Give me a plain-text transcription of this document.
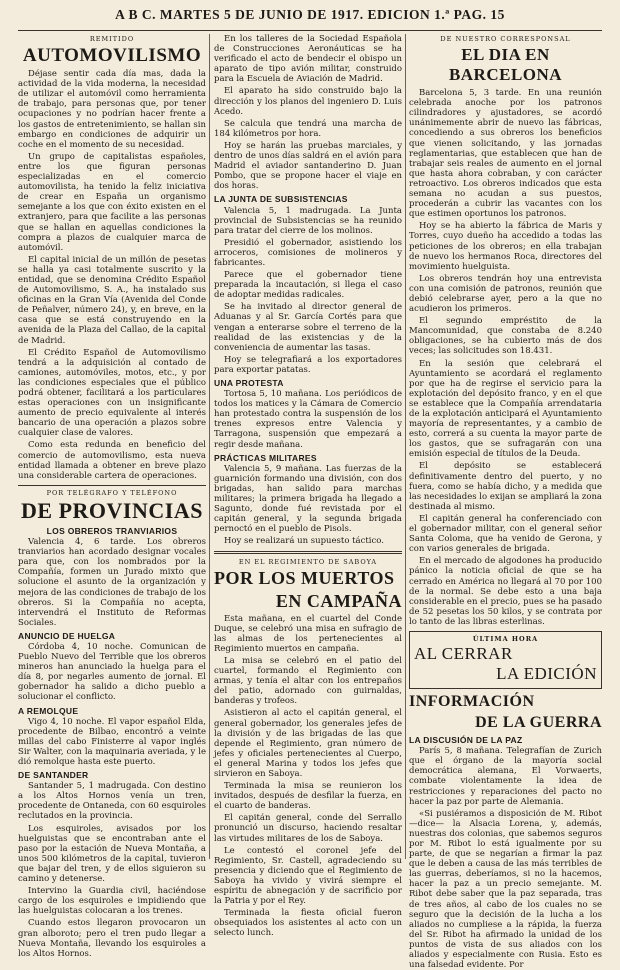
A B C. MARTES 5 DE JUNIO DE 1917. EDICION 1.ª PAG. 15
REMITIDO
AUTOMOVILISMO

Déjase sentir cada día mas, dada la actividad de la vida moderna, la necesidad de utilizar el automóvil como herramienta de trabajo, para personas que, por tener ocupaciones y no podrían hacer frente a los gastos de entretenimiento, se hallan sin embargo en condiciones de adquirir un coche en el momento de su necesidad.

Un grupo de capitalistas españoles, entre los que figuran personas especializadas en el comercio automovilista, ha tenido la feliz iniciativa de crear en España un organismo semejante a los que con éxito existen en el extranjero, para que facilite a las personas que se hallan en aquellas condiciones la compra a plazos de cualquier marca de automóvil.

El capital inicial de un millón de pesetas se halla ya casi totalmente suscrito y la entidad, que se denomina Crédito Español de Automovilismo, S. A., ha instalado sus oficinas en la Gran Vía (Avenida del Conde de Peñalver, número 24), y, en breve, en la casa que se está construyendo en la avenida de la Plaza del Callao, de la capital de Madrid.

El Crédito Español de Automovilismo tendrá a la adquisición al contado de camiones, automóviles, motos, etc., y por las condiciones especiales que el público podrá obtener, facilitará a los particulares estas operaciones con un insignificante aumento de precio equivalente al interés bancario de una operación a plazos sobre cualquier clase de valores.

Como esta redunda en beneficio del comercio de automovilismo, esta nueva entidad llamada a obtener en breve plazo una considerable cartera de operaciones.

POR TELÉGRAFO Y TELÉFONO
DE PROVINCIAS
LOS OBREROS TRANVIARIOS

Valencia 4, 6 tarde. Los obreros tranviarios han acordado designar vocales para que, con los nombrados por la Compañía, formen un Jurado mixto que solucione el asunto de la organización y mejora de las condiciones de trabajo de los obreros. Si la Compañía no acepta, intervendrá el Instituto de Reformas Sociales.

ANUNCIO DE HUELGA

Córdoba 4, 10 noche. Comunican de Pueblo Nuevo del Terrible que los obreros mineros han anunciado la huelga para el día 8, por negarles aumento de jornal. El gobernador ha salido a dicho pueblo a solucionar el conflicto.

A REMOLQUE

Vigo 4, 10 noche. El vapor español Elda, procedente de Bilbao, encontró a veinte millas del cabo Finisterre al vapor inglés Sir Walter, con la maquinaria averiada, y le dió remolque hasta este puerto.

DE SANTANDER

Santander 5, 1 madrugada. Con destino a los Altos Hornos venía un tren, procedente de Ontaneda, con 60 esquiroles reclutados en la provincia.

Los esquiroles, avisados por los huelguistas que se encontraban ante el paso por la estación de Nueva Montaña, a unos 500 kilómetros de la capital, tuvieron que bajar del tren, y de ellos siguieron su camino y detenerse.

Intervino la Guardia civil, haciéndose cargo de los esquiroles e impidiendo que las huelguistas colocaran a los trenes.

Cuando estos llegaron provocaron un gran alboroto; pero el tren pudo llegar a Nueva Montaña, llevando los esquiroles a los Altos Hornos.

En los talleres de la Sociedad Española de Construcciones Aeronáuticas se ha verificado el acto de bendecir el obispo un aparato de tipo avión militar, construido para la Escuela de Aviación de Madrid.

El aparato ha sido construido bajo la dirección y los planos del ingeniero D. Luis Acedo.

Se calcula que tendrá una marcha de 184 kilómetros por hora.

Hoy se harán las pruebas marciales, y dentro de unos días saldrá en el avión para Madrid el aviador santanderino D. Juan Pombo, que se propone hacer el viaje en dos horas.

LA JUNTA DE SUBSISTENCIAS

Valencia 5, 1 madrugada. La Junta provincial de Subsistencias se ha reunido para tratar del cierre de los molinos.

Presidió el gobernador, asistiendo los arroceros, comisiones de molineros y fabricantes.

Parece que el gobernador tiene preparada la incautación, si llega el caso de adoptar medidas radicales.

Se ha invitado al director general de Aduanas y al Sr. García Cortés para que vengan a enterarse sobre el terreno de la realidad de las existencias y de la conveniencia de aumentar las tasas.

Hoy se telegrafiará a los exportadores para exportar patatas.

UNA PROTESTA

Tortosa 5, 10 mañana. Los periódicos de todos los matices y la Cámara de Comercio han protestado contra la suspensión de los trenes expresos entre Valencia y Tarragona, suspensión que empezará a regir desde mañana.

PRÁCTICAS MILITARES

Valencia 5, 9 mañana. Las fuerzas de la guarnición formando una división, con dos brigadas, han salido para marchas militares; la primera brigada ha llegado a Sagunto, donde fué revistada por el capitán general, y la segunda brigada pernoctó en el pueblo de Pisols.

Hoy se realizará un supuesto táctico.

EN EL REGIMIENTO DE SABOYA
POR LOS MUERTOS
EN CAMPAÑA

Esta mañana, en el cuartel del Conde Duque, se celebró una misa en sufragio de las almas de los pertenecientes al Regimiento muertos en campaña.

La misa se celebró en el patio del cuartel, formando el Regimiento con armas, y tenía el altar con los entrepaños del patio, adornado con guirnaldas, banderas y trofeos.

Asistieron al acto el capitán general, el general gobernador, los generales jefes de la división y de las brigadas de las que depende el Regimiento, gran número de jefes y oficiales pertenecientes al Cuerpo, el general Marina y todos los jefes que sirvieron en Saboya.

Terminada la misa se reunieron los invitados, después de desfilar la fuerza, en el cuarto de banderas.

El capitán general, conde del Serrallo pronunció un discurso, haciendo resaltar las virtudes militares de los de Saboya.

Le contestó el coronel jefe del Regimiento, Sr. Castell, agradeciendo su presencia y diciendo que el Regimiento de Saboya ha vivido y vivirá siempre el espíritu de abnegación y de sacrificio por la Patria y por el Rey.

Terminada la fiesta oficial fueron obsequiados los asistentes al acto con un selecto lunch.

DE NUESTRO CORRESPONSAL
EL DIA EN BARCELONA

Barcelona 5, 3 tarde. En una reunión celebrada anoche por los patronos cilindradores y ajustadores, se acordó unánimemente abrir de nuevo las fábricas, concediendo a sus obreros los beneficios que vienen solicitando, y las jornadas reglamentarias, que establecen que han de trabajar seis reales de aumento en el jornal que hasta ahora cobraban, y con carácter retroactivo. Los obreros indicados que esta semana no acudan a sus puestos, procederán a cubrir las vacantes con los que estimen oportunos los patronos.

Hoy se ha abierto la fábrica de Maris y Torres, cuyo dueño ha accedido a todas las peticiones de los obreros; en ella trabajan de nuevo los hermanos Roca, directores del movimiento huelguista.

Los obreros tendrán hoy una entrevista con una comisión de patronos, reunión que debió celebrarse ayer, pero a la que no acudieron los primeros.

El segundo empréstito de la Mancomunidad, que constaba de 8.240 obligaciones, se ha cubierto más de dos veces; las solicitudes son 18.431.

En la sesión que celebrará el Ayuntamiento se acordará el reglamento por que ha de regirse el servicio para la explotación del depósito franco, y en el que se establece que la Compañía arrendataria de la explotación anticipará el Ayuntamiento mayoría de representantes, y a cambio de esto, correrá a su cuenta la mayor parte de los gastos, que se sufragarán con una emisión especial de títulos de la Deuda.

El depósito se establecerá definitivamente dentro del puerto, y no fuera, como se había dicho, y a medida que las necesidades lo exijan se ampliará la zona destinada al mismo.

El capitán general ha conferenciado con el gobernador militar, con el general señor Santa Coloma, que ha venido de Gerona, y con varios generales de brigada.

En el mercado de algodones ha producido pánico la noticia oficial de que se ha cerrado en América no llegará al 70 por 100 de la normal. Se debe esto a una baja considerable en el precio, pues se ha pasado de 52 pesetas los 50 kilos, y se contrata por lo tanto de las libras esterlinas.

ÚLTIMA HORA
AL CERRAR
LA EDICIÓN
INFORMACIÓN
DE LA GUERRA
LA DISCUSIÓN DE LA PAZ

París 5, 8 mañana. Telegrafían de Zurich que el órgano de la mayoría social democrática alemana, El Vorwaerts, combate violentamente la idea de restricciones y reparaciones del pacto no hacer la paz por parte de Alemania.

«Si pusiéramos a disposición de M. Ribot —dice— la Alsacia Lorena, y, además, nuestras dos colonias, que sabemos seguros por M. Ribot lo está igualmente por su parte, de que se negarían a firmar la paz que le deben a causa de las más terribles de las guerras, deberíamos, si no la hacemos, hacer la paz a un precio semejante. M. Ribot debe saber que la paz separada, tras de tres años, al cabo de los cuales no se seguro que la decisión de la lucha a los aliados no cumpliese a la rápida, la fuerza del Sr. Ribot ha afirmado la unidad de los puntos de vista de sus aliados con los aliados y especialmente con Rusia. Esto es una falsedad evidente. Por
